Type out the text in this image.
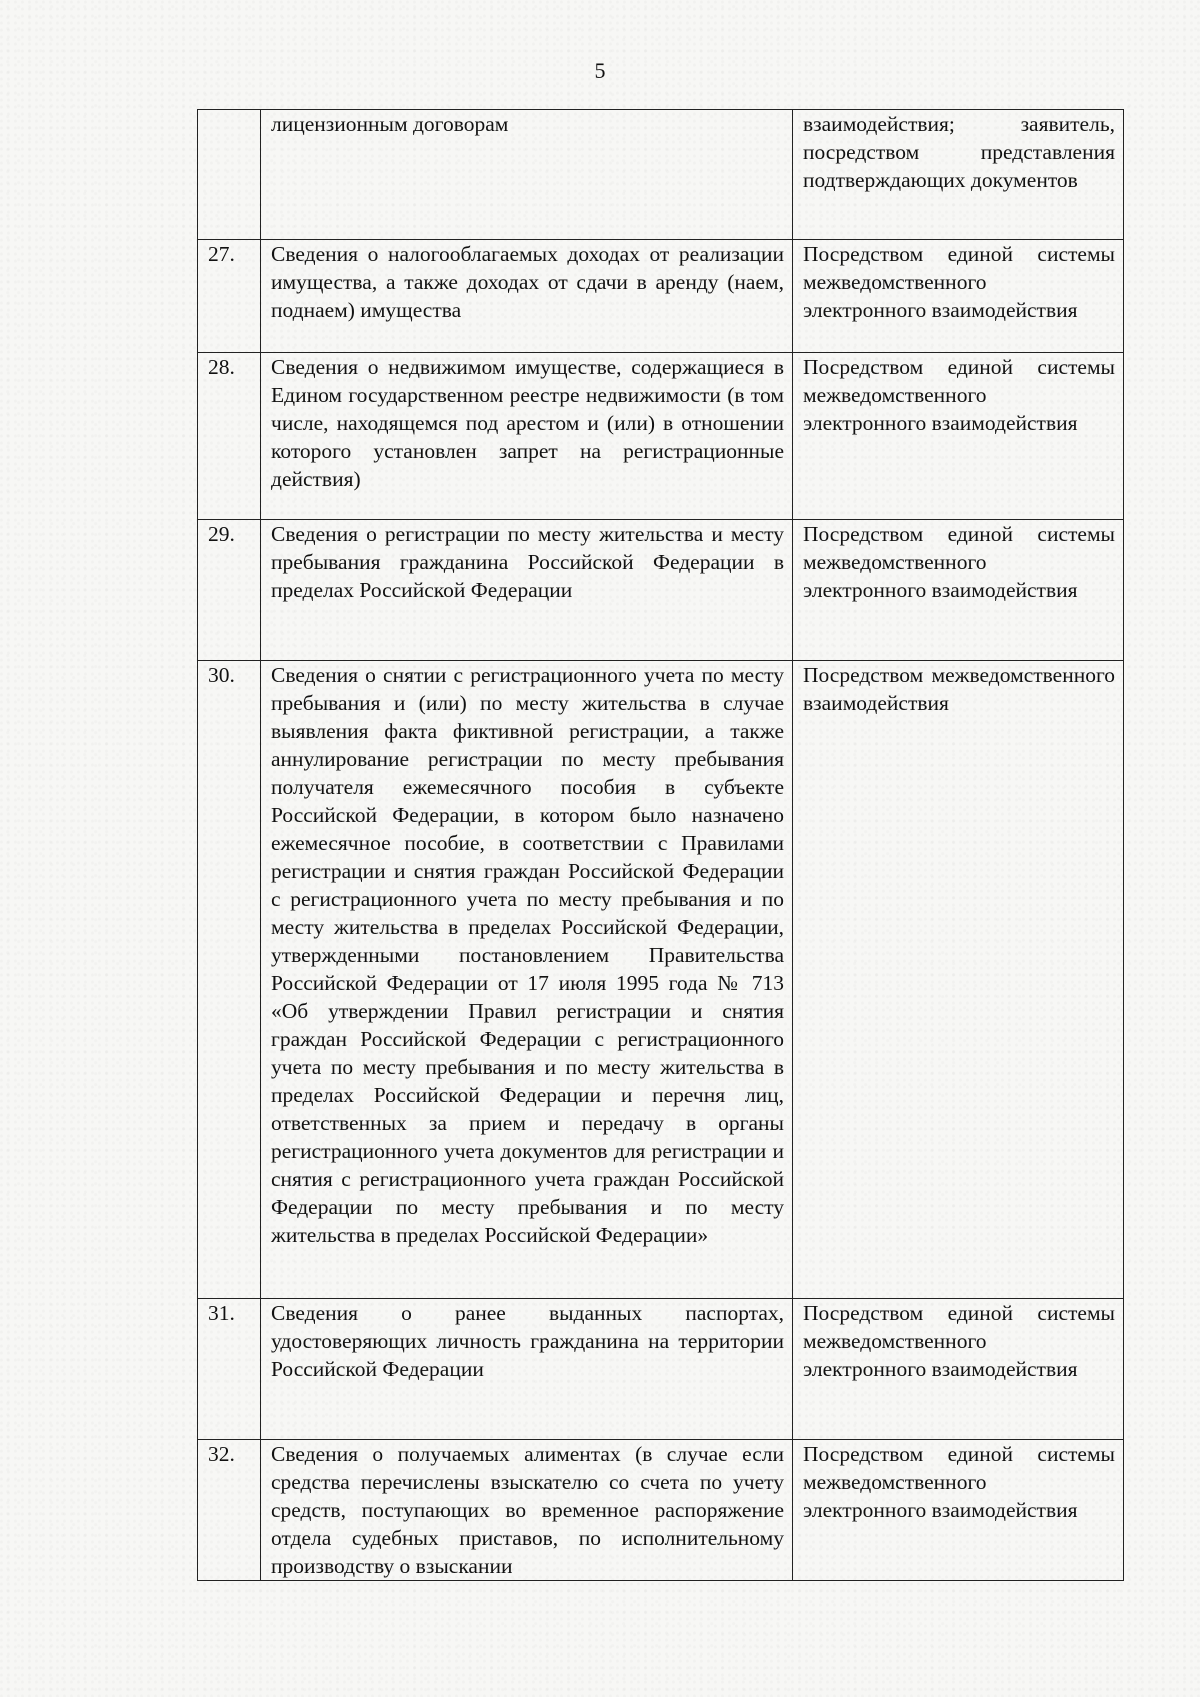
5
	лицензионным договорам	взаимодействия; заявитель, посредством представления подтверждающих документов
27.	Сведения о налогооблагаемых доходах от реализации имущества, а также доходах от сдачи в аренду (наем, поднаем) имущества	Посредством единой системы межведомственного электронного взаимодействия
28.	Сведения о недвижимом имуществе, содержащиеся в Едином государственном реестре недвижимости (в том числе, находящемся под арестом и (или) в отношении которого установлен запрет на регистрационные действия)	Посредством единой системы межведомственного электронного взаимодействия
29.	Сведения о регистрации по месту жительства и месту пребывания гражданина Российской Федерации в пределах Российской Федерации	Посредством единой системы межведомственного электронного взаимодействия
30.	Сведения о снятии с регистрационного учета по месту пребывания и (или) по месту жительства в случае выявления факта фиктивной регистрации, а также аннулирование регистрации по месту пребывания получателя ежемесячного пособия в субъекте Российской Федерации, в котором было назначено ежемесячное пособие, в соответствии с Правилами регистрации и снятия граждан Российской Федерации с регистрационного учета по месту пребывания и по месту жительства в пределах Российской Федерации, утвержденными постановлением Правительства Российской Федерации от 17 июля 1995 года № 713 «Об утверждении Правил регистрации и снятия граждан Российской Федерации с регистрационного учета по месту пребывания и по месту жительства в пределах Российской Федерации и перечня лиц, ответственных за прием и передачу в органы регистрационного учета документов для регистрации и снятия с регистрационного учета граждан Российской Федерации по месту пребывания и по месту жительства в пределах Российской Федерации»	Посредством межведомственного взаимодействия
31.	Сведения о ранее выданных паспортах, удостоверяющих личность гражданина на территории Российской Федерации	Посредством единой системы межведомственного электронного взаимодействия
32.	Сведения о получаемых алиментах (в случае если средства перечислены взыскателю со счета по учету средств, поступающих во временное распоряжение отдела судебных приставов, по исполнительному производству о взыскании	Посредством единой системы межведомственного электронного взаимодействия
